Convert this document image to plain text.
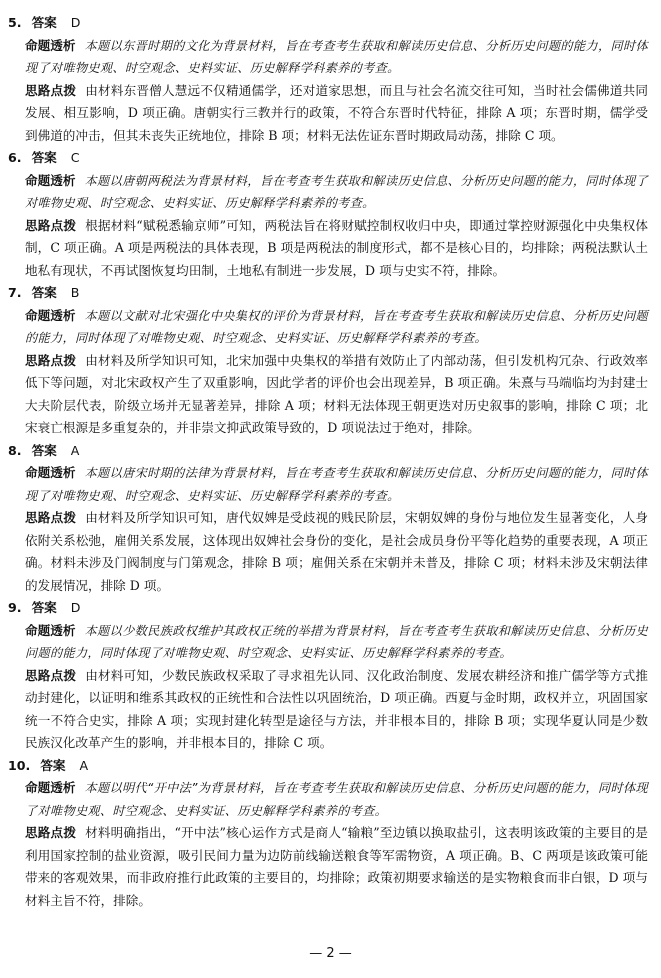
5. 答案 D
命题透析 本题以东晋时期的文化为背景材料，旨在考查考生获取和解读历史信息、分析历史问题的能力，同时体现了对唯物史观、时空观念、史料实证、历史解释学科素养的考查。
思路点拨 由材料东晋僧人慧远不仅精通儒学，还对道家思想，而且与社会名流交往可知，当时社会儒佛道共同发展、相互影响，D 项正确。唐朝实行三教并行的政策，不符合东晋时代特征，排除 A 项；东晋时期，儒学受到佛道的冲击，但其未丧失正统地位，排除 B 项；材料无法佐证东晋时期政局动荡，排除 C 项。
6. 答案 C
命题透析 本题以唐朝两税法为背景材料，旨在考查考生获取和解读历史信息、分析历史问题的能力，同时体现了对唯物史观、时空观念、史料实证、历史解释学科素养的考查。
思路点拨 根据材料“赋税悉输京师”可知，两税法旨在将财赋控制权收归中央，即通过掌控财源强化中央集权体制，C 项正确。A 项是两税法的具体表现，B 项是两税法的制度形式，都不是核心目的，均排除；两税法默认土地私有现状，不再试图恢复均田制，土地私有制进一步发展，D 项与史实不符，排除。
7. 答案 B
命题透析 本题以文献对北宋强化中央集权的评价为背景材料，旨在考查考生获取和解读历史信息、分析历史问题的能力，同时体现了对唯物史观、时空观念、史料实证、历史解释学科素养的考查。
思路点拨 由材料及所学知识可知，北宋加强中央集权的举措有效防止了内部动荡，但引发机构冗杂、行政效率低下等问题，对北宋政权产生了双重影响，因此学者的评价也会出现差异，B 项正确。朱熹与马端临均为封建士大夫阶层代表，阶级立场并无显著差异，排除 A 项；材料无法体现王朝更迭对历史叙事的影响，排除 C 项；北宋衰亡根源是多重复杂的，并非崇文抑武政策导致的，D 项说法过于绝对，排除。
8. 答案 A
命题透析 本题以唐宋时期的法律为背景材料，旨在考查考生获取和解读历史信息、分析历史问题的能力，同时体现了对唯物史观、时空观念、史料实证、历史解释学科素养的考查。
思路点拨 由材料及所学知识可知，唐代奴婢是受歧视的贱民阶层，宋朝奴婢的身份与地位发生显著变化，人身依附关系松弛，雇佣关系发展，这体现出奴婢社会身份的变化，是社会成员身份平等化趋势的重要表现，A 项正确。材料未涉及门阀制度与门第观念，排除 B 项；雇佣关系在宋朝并未普及，排除 C 项；材料未涉及宋朝法律的发展情况，排除 D 项。
9. 答案 D
命题透析 本题以少数民族政权维护其政权正统的举措为背景材料，旨在考查考生获取和解读历史信息、分析历史问题的能力，同时体现了对唯物史观、时空观念、史料实证、历史解释学科素养的考查。
思路点拨 由材料可知，少数民族政权采取了寻求祖先认同、汉化政治制度、发展农耕经济和推广儒学等方式推动封建化，以证明和维系其政权的正统性和合法性以巩固统治，D 项正确。西夏与金时期，政权并立，巩固国家统一不符合史实，排除 A 项；实现封建化转型是途径与方法，并非根本目的，排除 B 项；实现华夏认同是少数民族汉化改革产生的影响，并非根本目的，排除 C 项。
10. 答案 A
命题透析 本题以明代“开中法”为背景材料，旨在考查考生获取和解读历史信息、分析历史问题的能力，同时体现了对唯物史观、时空观念、史料实证、历史解释学科素养的考查。
思路点拨 材料明确指出，“开中法”核心运作方式是商人“输粮”至边镇以换取盐引，这表明该政策的主要目的是利用国家控制的盐业资源，吸引民间力量为边防前线输送粮食等军需物资，A 项正确。B、C 两项是该政策可能带来的客观效果，而非政府推行此政策的主要目的，均排除；政策初期要求输送的是实物粮食而非白银，D 项与材料主旨不符，排除。
— 2 —
